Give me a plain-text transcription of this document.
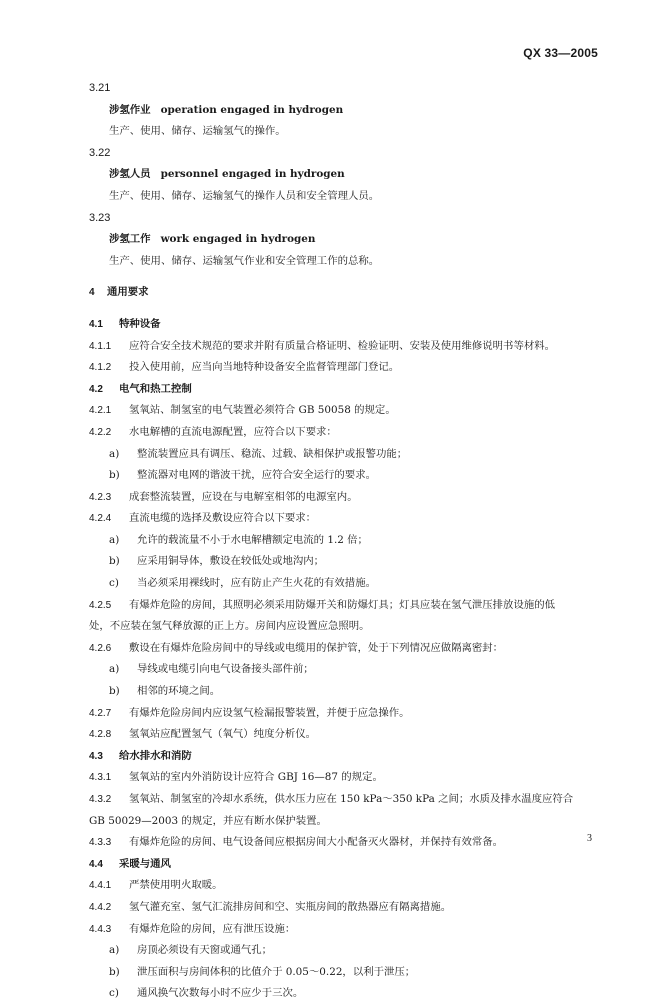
QX 33—2005
3.21
涉氢作业 operation engaged in hydrogen
生产、使用、储存、运输氢气的操作。
3.22
涉氢人员 personnel engaged in hydrogen
生产、使用、储存、运输氢气的操作人员和安全管理人员。
3.23
涉氢工作 work engaged in hydrogen
生产、使用、储存、运输氢气作业和安全管理工作的总称。
4 通用要求
4.1 特种设备
4.1.1 应符合安全技术规范的要求并附有质量合格证明、检验证明、安装及使用维修说明书等材料。
4.1.2 投入使用前，应当向当地特种设备安全监督管理部门登记。
4.2 电气和热工控制
4.2.1 氢氧站、制氢室的电气装置必须符合 GB 50058 的规定。
4.2.2 水电解槽的直流电源配置，应符合以下要求：
a) 整流装置应具有调压、稳流、过载、缺相保护或报警功能；
b) 整流器对电网的谐波干扰，应符合安全运行的要求。
4.2.3 成套整流装置，应设在与电解室相邻的电源室内。
4.2.4 直流电缆的选择及敷设应符合以下要求：
a) 允许的载流量不小于水电解槽额定电流的 1.2 倍；
b) 应采用铜导体，敷设在较低处或地沟内；
c) 当必须采用裸线时，应有防止产生火花的有效措施。
4.2.5 有爆炸危险的房间，其照明必须采用防爆开关和防爆灯具；灯具应装在氢气泄压排放设施的低
处，不应装在氢气释放源的正上方。房间内应设置应急照明。
4.2.6 敷设在有爆炸危险房间中的导线或电缆用的保护管，处于下列情况应做隔离密封：
a) 导线或电缆引向电气设备接头部件前；
b) 相邻的环境之间。
4.2.7 有爆炸危险房间内应设氢气检漏报警装置，并便于应急操作。
4.2.8 氢氧站应配置氢气（氧气）纯度分析仪。
4.3 给水排水和消防
4.3.1 氢氧站的室内外消防设计应符合 GBJ 16—87 的规定。
4.3.2 氢氧站、制氢室的冷却水系统，供水压力应在 150 kPa～350 kPa 之间；水质及排水温度应符合
GB 50029—2003 的规定，并应有断水保护装置。
4.3.3 有爆炸危险的房间、电气设备间应根据房间大小配备灭火器材，并保持有效常备。
4.4 采暖与通风
4.4.1 严禁使用明火取暖。
4.4.2 氢气灌充室、氢气汇流排房间和空、实瓶房间的散热器应有隔离措施。
4.4.3 有爆炸危险的房间，应有泄压设施：
a) 房顶必须设有天窗或通气孔；
b) 泄压面积与房间体积的比值介于 0.05～0.22，以利于泄压；
c) 通风换气次数每小时不应少于三次。
3
